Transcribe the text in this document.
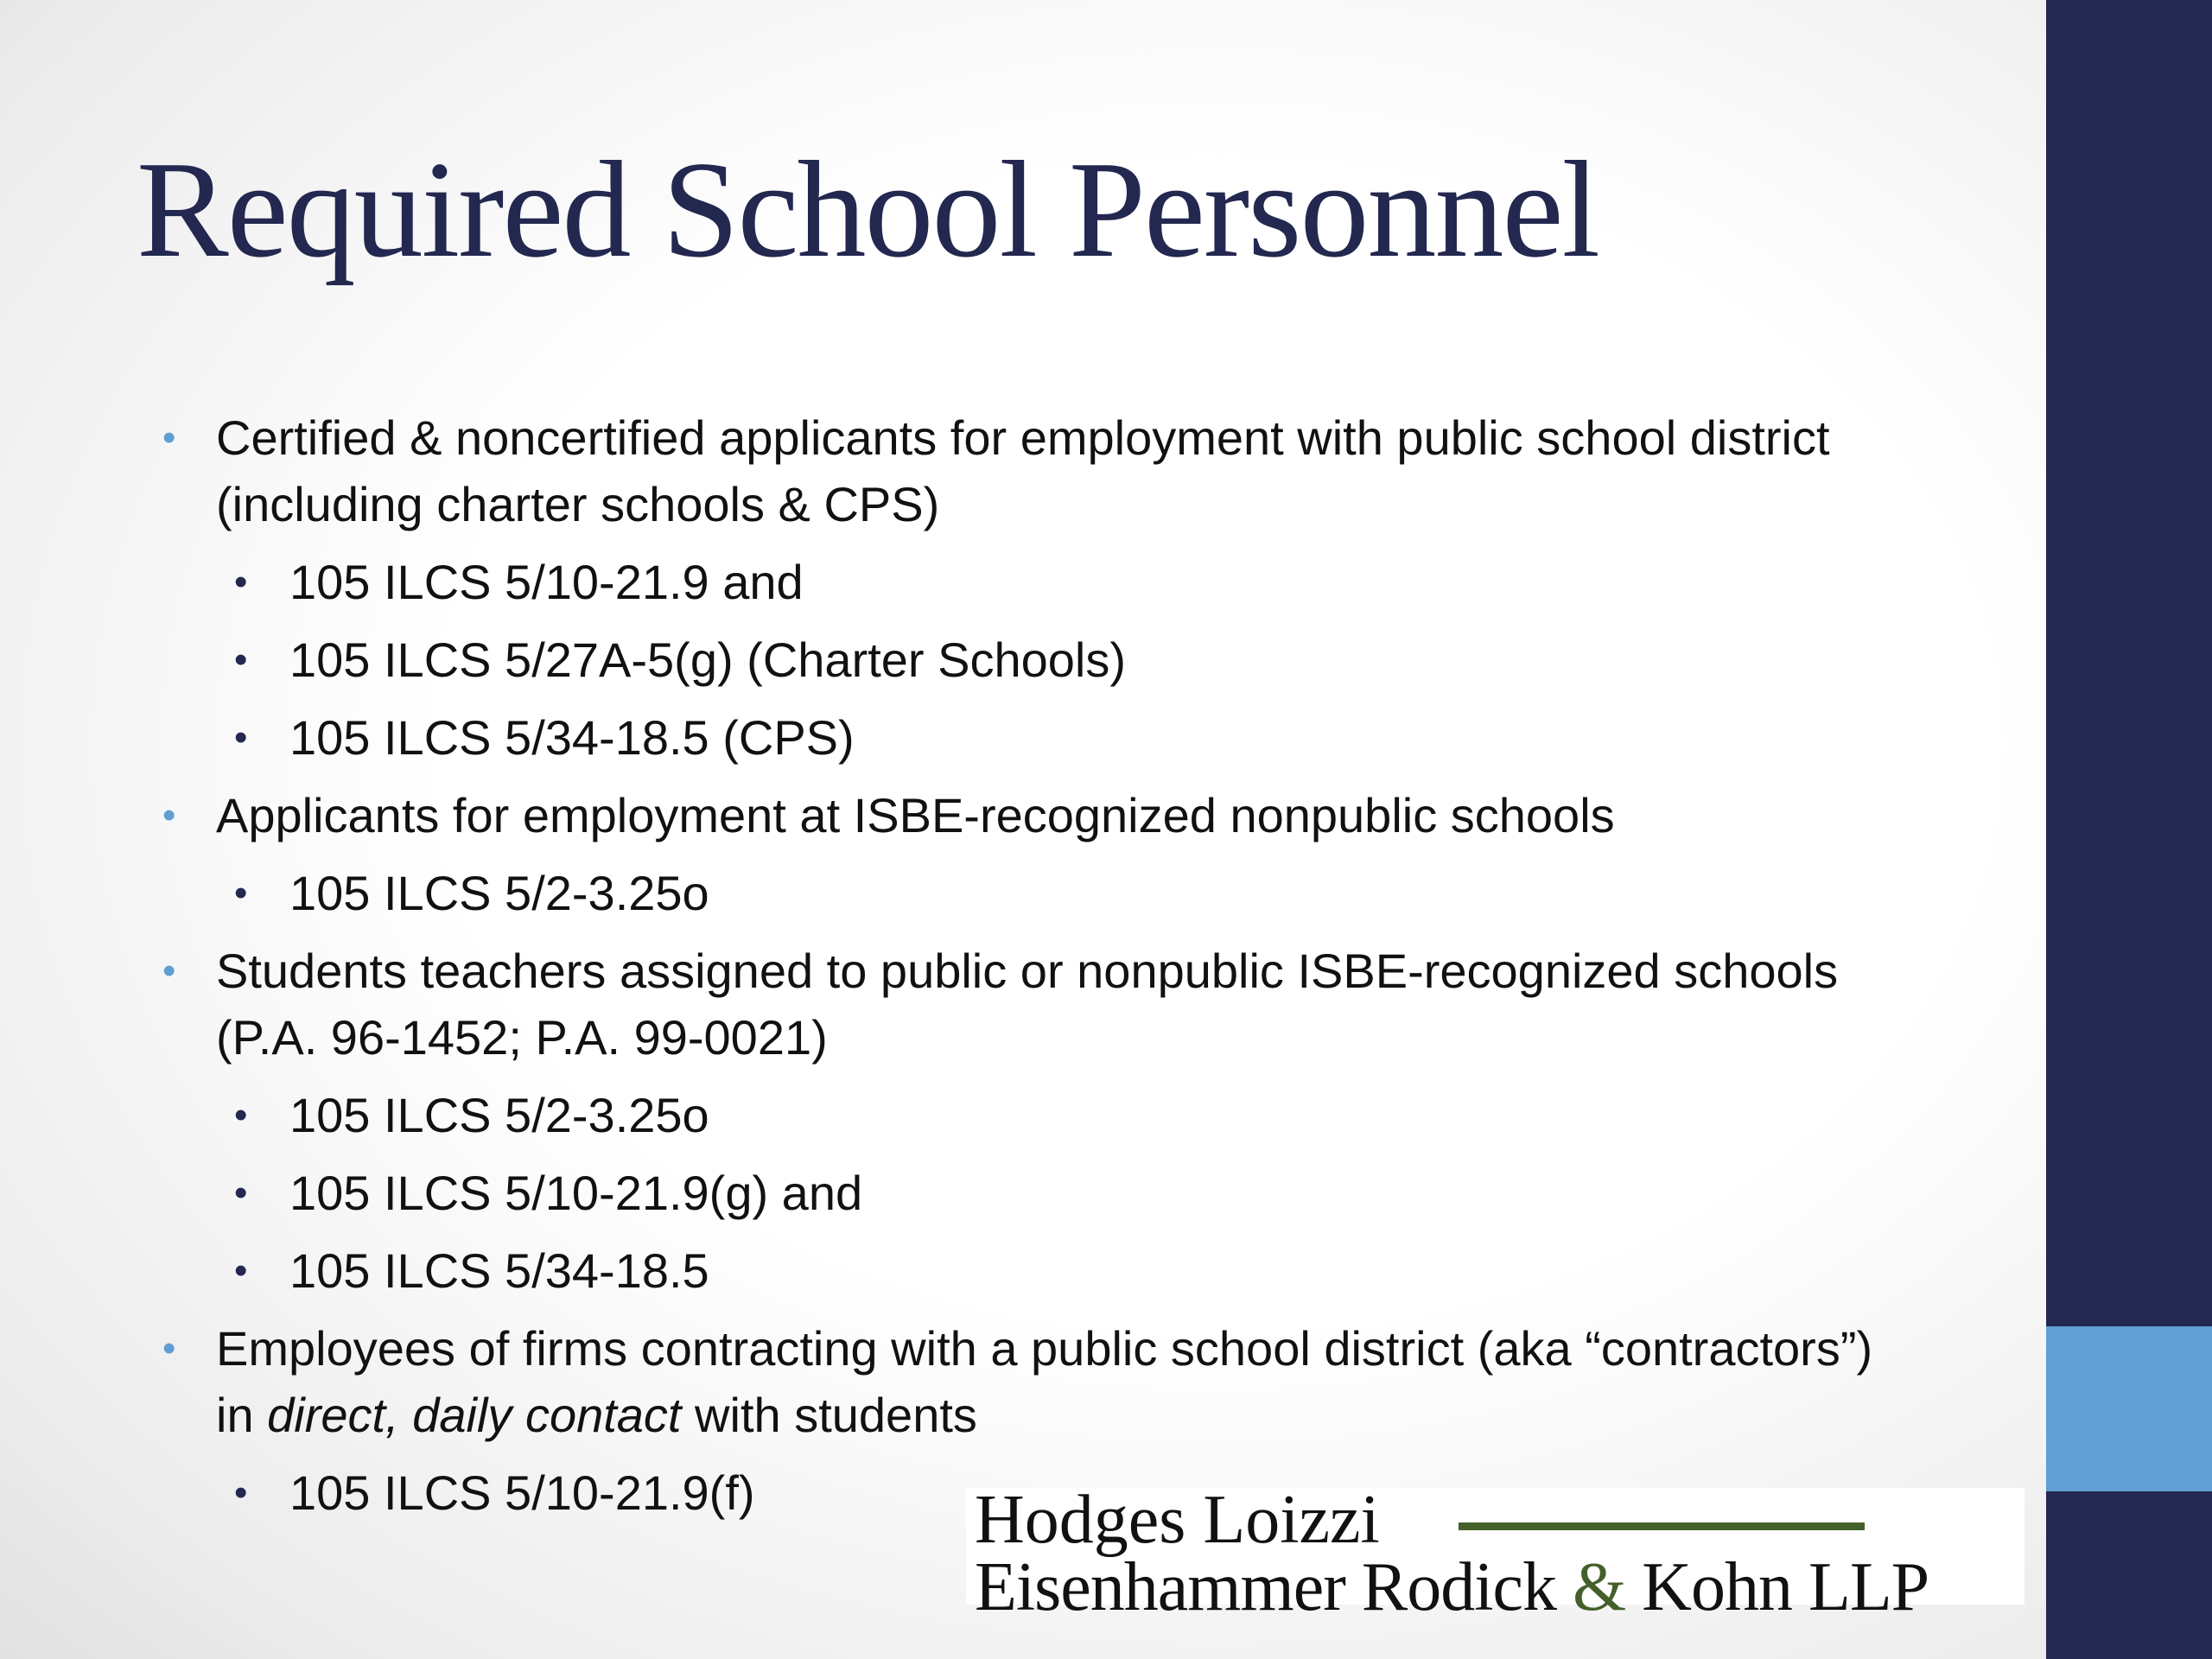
Required School Personnel
• Certified & noncertified applicants for employment with public school district (including charter schools & CPS)
• 105 ILCS 5/10-21.9 and
• 105 ILCS 5/27A-5(g) (Charter Schools)
• 105 ILCS 5/34-18.5 (CPS)
• Applicants for employment at ISBE-recognized nonpublic schools
• 105 ILCS 5/2-3.25o
• Students teachers assigned to public or nonpublic ISBE-recognized schools (P.A. 96-1452; P.A. 99-0021)
• 105 ILCS 5/2-3.25o
• 105 ILCS 5/10-21.9(g) and
• 105 ILCS 5/34-18.5
• Employees of firms contracting with a public school district (aka “contractors”) in direct, daily contact with students
• 105 ILCS 5/10-21.9(f)	Hodges Loizzi
Eisenhammer Rodick & Kohn LLP
